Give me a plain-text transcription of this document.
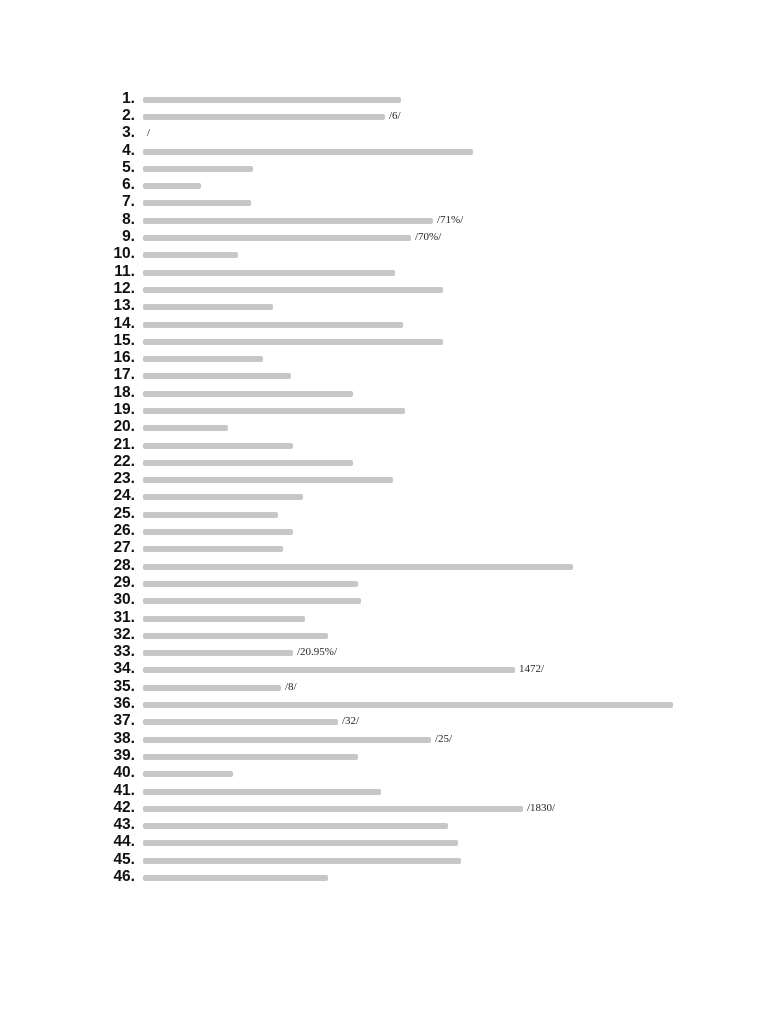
1.
2.	/6/
3. /
4.
5.
6.
7.
8.	/71%/
9.	/70%/
10.
11.
12.
13.
14.
15.
16.
17.
18.
19.
20.
21.
22.
23.
24.
25.
26.
27.
28.
29.
30.
31.
32.
33.	/20.95%/
34.	1472/
35.	/8/
36.
37.	/32/
38.	/25/
39.
40.
41.
42.	/1830/
43.
44.
45.
46.
